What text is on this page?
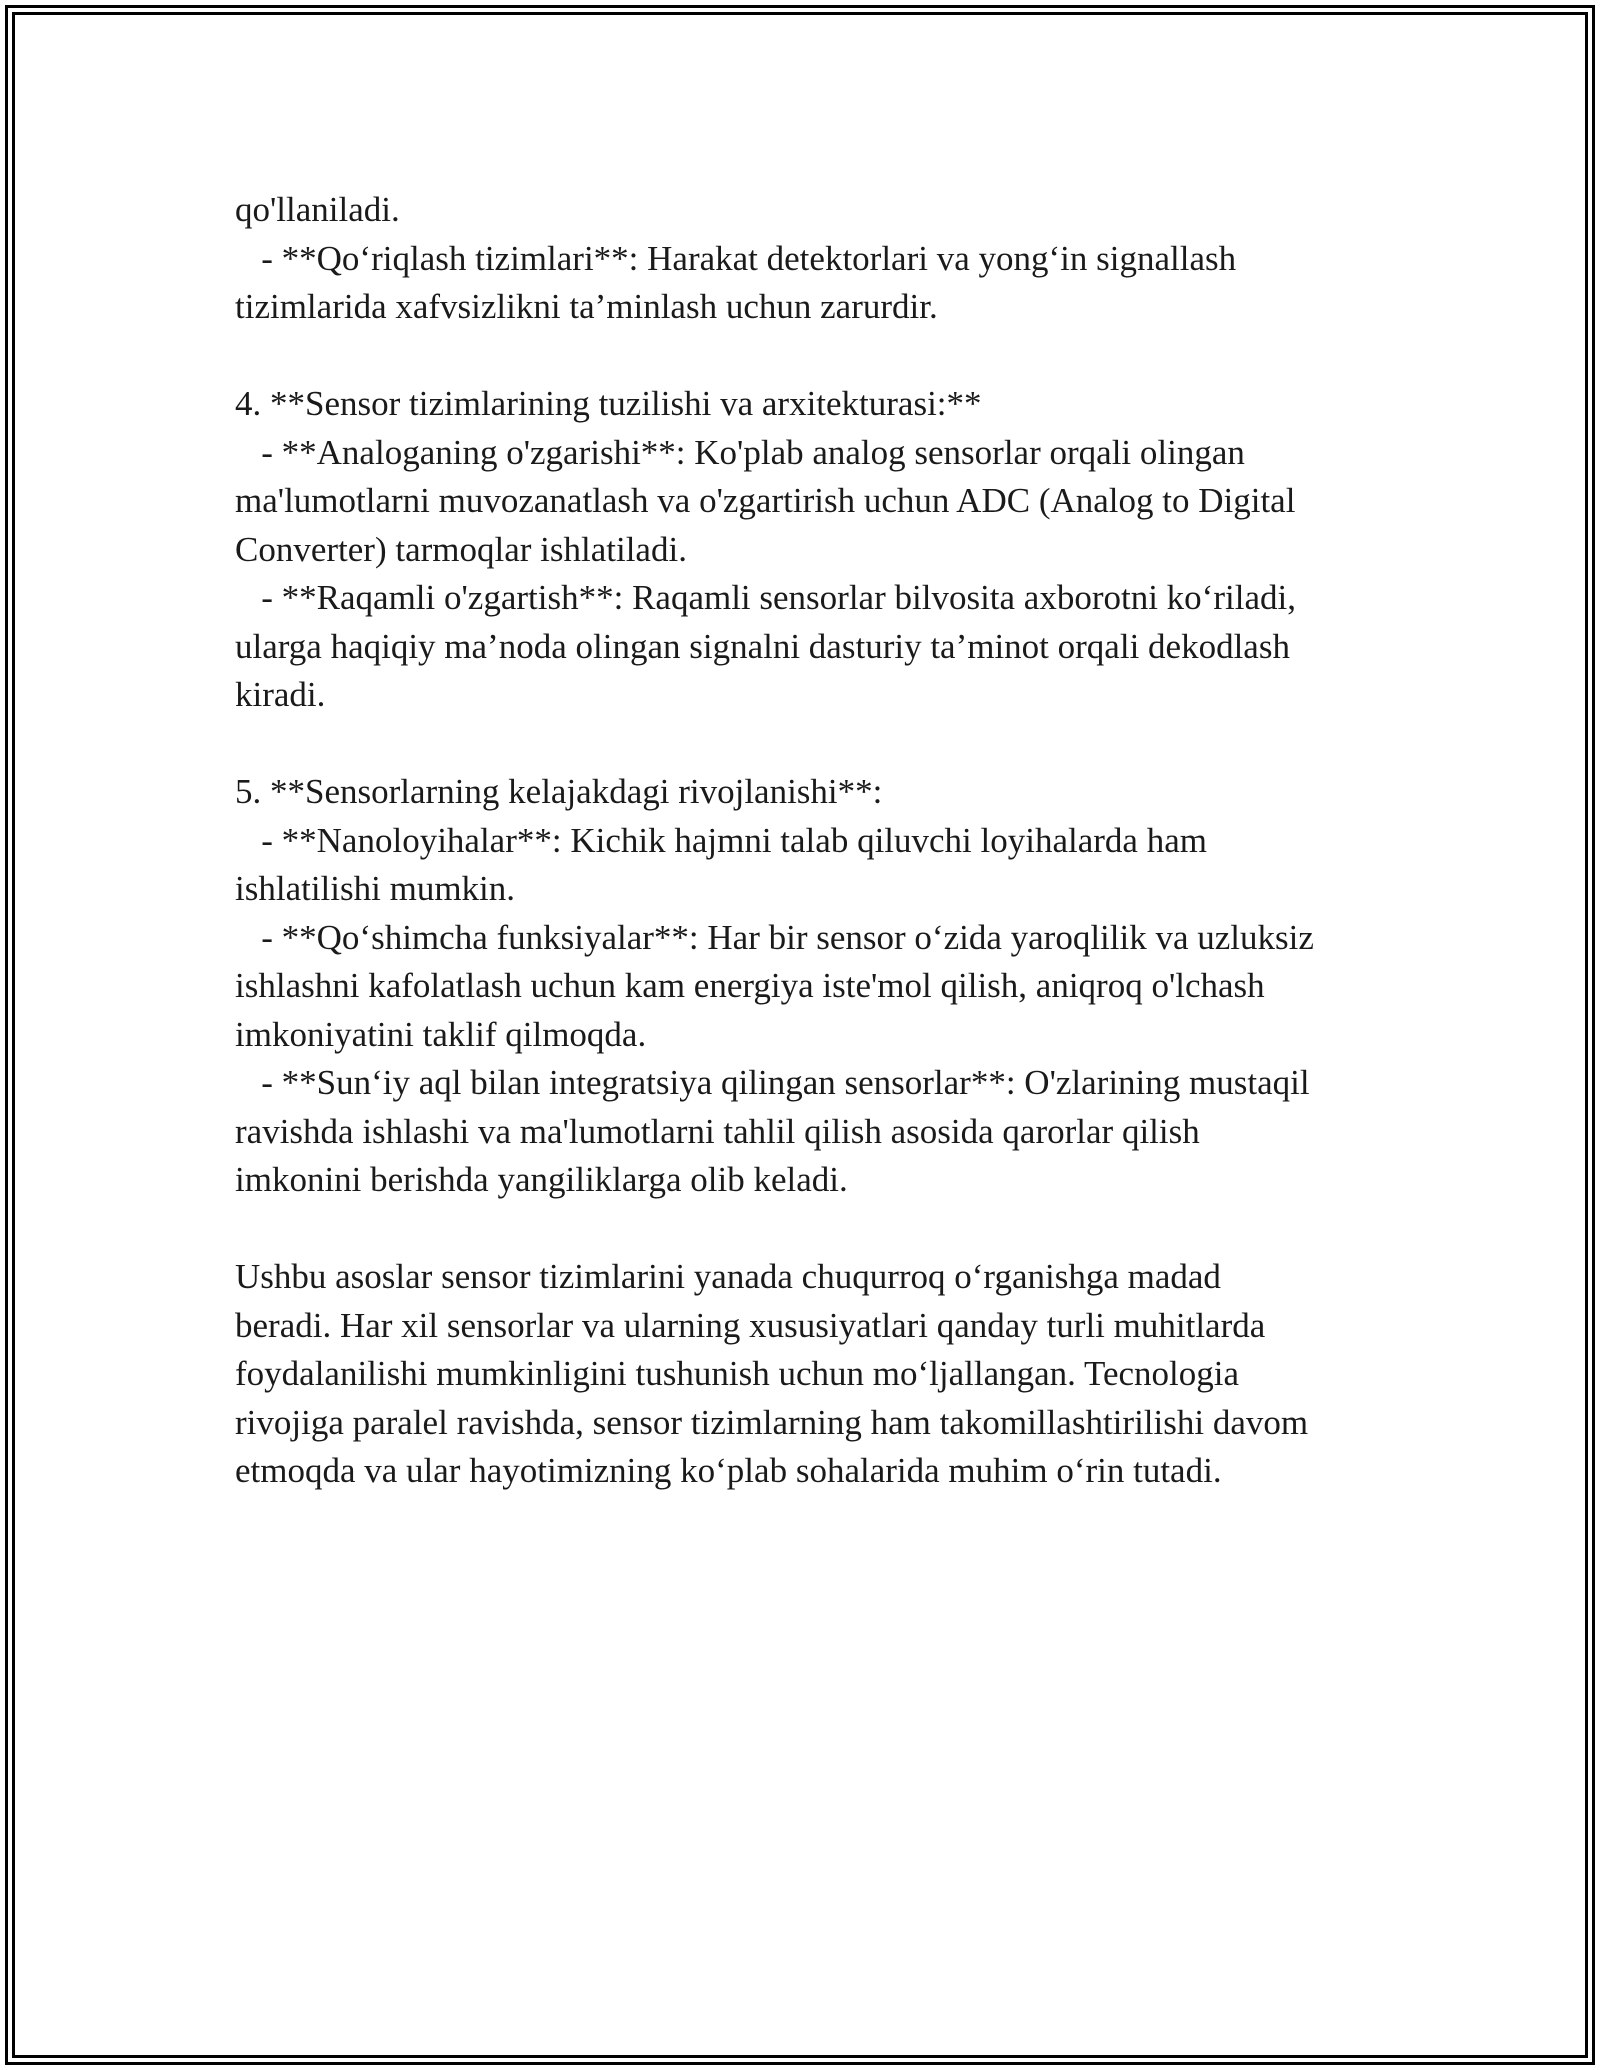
qo'llaniladi.
- **Qo‘riqlash tizimlari**: Harakat detektorlari va yong‘in signallash
tizimlarida xafvsizlikni ta’minlash uchun zarurdir.
4. **Sensor tizimlarining tuzilishi va arxitekturasi:**
- **Analoganing o'zgarishi**: Ko'plab analog sensorlar orqali olingan
ma'lumotlarni muvozanatlash va o'zgartirish uchun ADC (Analog to Digital
Converter) tarmoqlar ishlatiladi.
- **Raqamli o'zgartish**: Raqamli sensorlar bilvosita axborotni ko‘riladi,
ularga haqiqiy ma’noda olingan signalni dasturiy ta’minot orqali dekodlash
kiradi.
5. **Sensorlarning kelajakdagi rivojlanishi**:
- **Nanoloyihalar**: Kichik hajmni talab qiluvchi loyihalarda ham
ishlatilishi mumkin.
- **Qo‘shimcha funksiyalar**: Har bir sensor o‘zida yaroqlilik va uzluksiz
ishlashni kafolatlash uchun kam energiya iste'mol qilish, aniqroq o'lchash
imkoniyatini taklif qilmoqda.
- **Sun‘iy aql bilan integratsiya qilingan sensorlar**: O'zlarining mustaqil
ravishda ishlashi va ma'lumotlarni tahlil qilish asosida qarorlar qilish
imkonini berishda yangiliklarga olib keladi.
Ushbu asoslar sensor tizimlarini yanada chuqurroq o‘rganishga madad
beradi. Har xil sensorlar va ularning xususiyatlari qanday turli muhitlarda
foydalanilishi mumkinligini tushunish uchun mo‘ljallangan. Tecnologia
rivojiga paralel ravishda, sensor tizimlarning ham takomillashtirilishi davom
etmoqda va ular hayotimizning ko‘plab sohalarida muhim o‘rin tutadi.
